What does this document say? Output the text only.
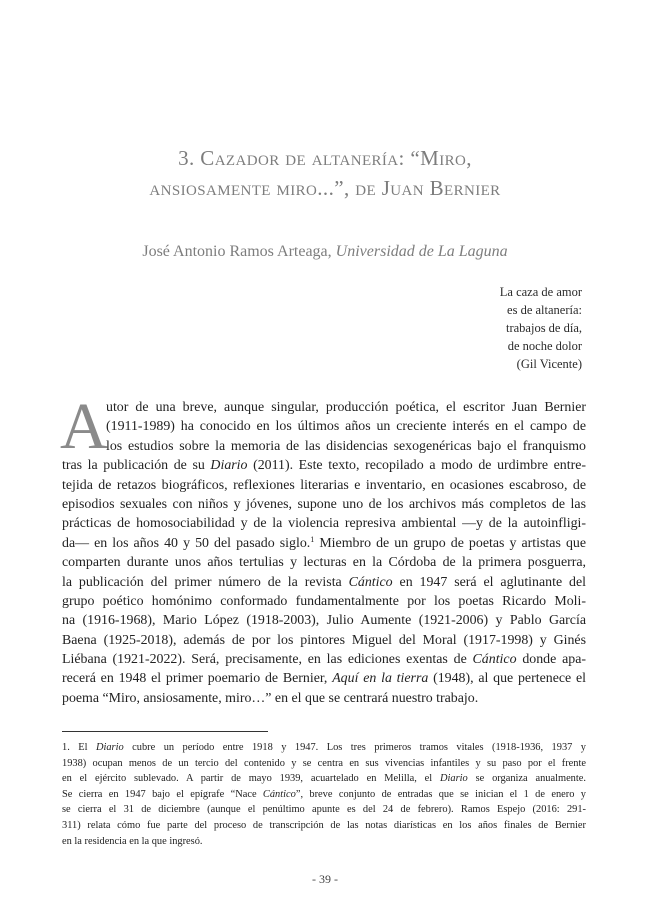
3. Cazador de altanería: “Miro,
ansiosamente miro...”, de Juan Bernier
José Antonio Ramos Arteaga, Universidad de La Laguna
La caza de amor
es de altanería:
trabajos de día,
de noche dolor
(Gil Vicente)
A
utor de una breve, aunque singular, producción poética, el escritor Juan Bernier
(1911-1989) ha conocido en los últimos años un creciente interés en el campo de
los estudios sobre la memoria de las disidencias sexogenéricas bajo el franquismo
tras la publicación de su Diario (2011). Este texto, recopilado a modo de urdimbre entre-
tejida de retazos biográficos, reflexiones literarias e inventario, en ocasiones escabroso, de
episodios sexuales con niños y jóvenes, supone uno de los archivos más completos de las
prácticas de homosociabilidad y de la violencia represiva ambiental —y de la autoinfligi-
da— en los años 40 y 50 del pasado siglo.$^1$ Miembro de un grupo de poetas y artistas que
comparten durante unos años tertulias y lecturas en la Córdoba de la primera posguerra,
la publicación del primer número de la revista Cántico en 1947 será el aglutinante del
grupo poético homónimo conformado fundamentalmente por los poetas Ricardo Moli-
na (1916-1968), Mario López (1918-2003), Julio Aumente (1921-2006) y Pablo García
Baena (1925-2018), además de por los pintores Miguel del Moral (1917-1998) y Ginés
Liébana (1921-2022). Será, precisamente, en las ediciones exentas de Cántico donde apa-
recerá en 1948 el primer poemario de Bernier, Aquí en la tierra (1948), al que pertenece el
poema “Miro, ansiosamente, miro…” en el que se centrará nuestro trabajo.
1. El Diario cubre un período entre 1918 y 1947. Los tres primeros tramos vitales (1918-1936, 1937 y
1938) ocupan menos de un tercio del contenido y se centra en sus vivencias infantiles y su paso por el frente
en el ejército sublevado. A partir de mayo 1939, acuartelado en Melilla, el Diario se organiza anualmente.
Se cierra en 1947 bajo el epígrafe “Nace Cántico”, breve conjunto de entradas que se inician el 1 de enero y
se cierra el 31 de diciembre (aunque el penúltimo apunte es del 24 de febrero). Ramos Espejo (2016: 291-
311) relata cómo fue parte del proceso de transcripción de las notas diarísticas en los años finales de Bernier
en la residencia en la que ingresó.
- 39 -
